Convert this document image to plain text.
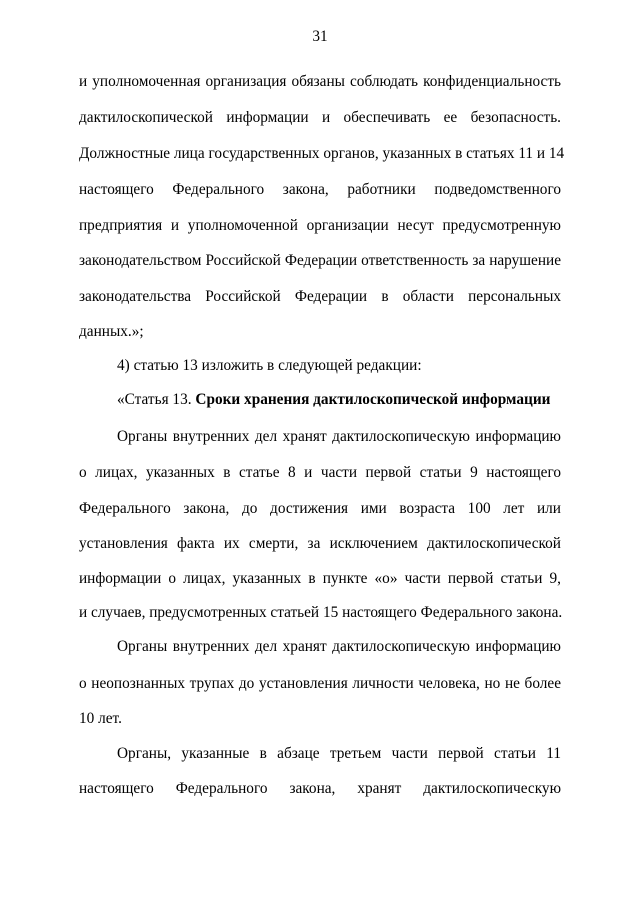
31
и уполномоченная организация обязаны соблюдать конфиденциальность
дактилоскопической информации и обеспечивать ее безопасность.
Должностные лица государственных органов, указанных в статьях 11 и 14
настоящего Федерального закона, работники подведомственного
предприятия и уполномоченной организации несут предусмотренную
законодательством Российской Федерации ответственность за нарушение
законодательства Российской Федерации в области персональных
данных.»;
4) статью 13 изложить в следующей редакции:
«Статья 13. Сроки хранения дактилоскопической информации
Органы внутренних дел хранят дактилоскопическую информацию
о лицах, указанных в статье 8 и части первой статьи 9 настоящего
Федерального закона, до достижения ими возраста 100 лет или
установления факта их смерти, за исключением дактилоскопической
информации о лицах, указанных в пункте «о» части первой статьи 9,
и случаев, предусмотренных статьей 15 настоящего Федерального закона.
Органы внутренних дел хранят дактилоскопическую информацию
о неопознанных трупах до установления личности человека, но не более
10 лет.
Органы, указанные в абзаце третьем части первой статьи 11
настоящего Федерального закона, хранят дактилоскопическую
